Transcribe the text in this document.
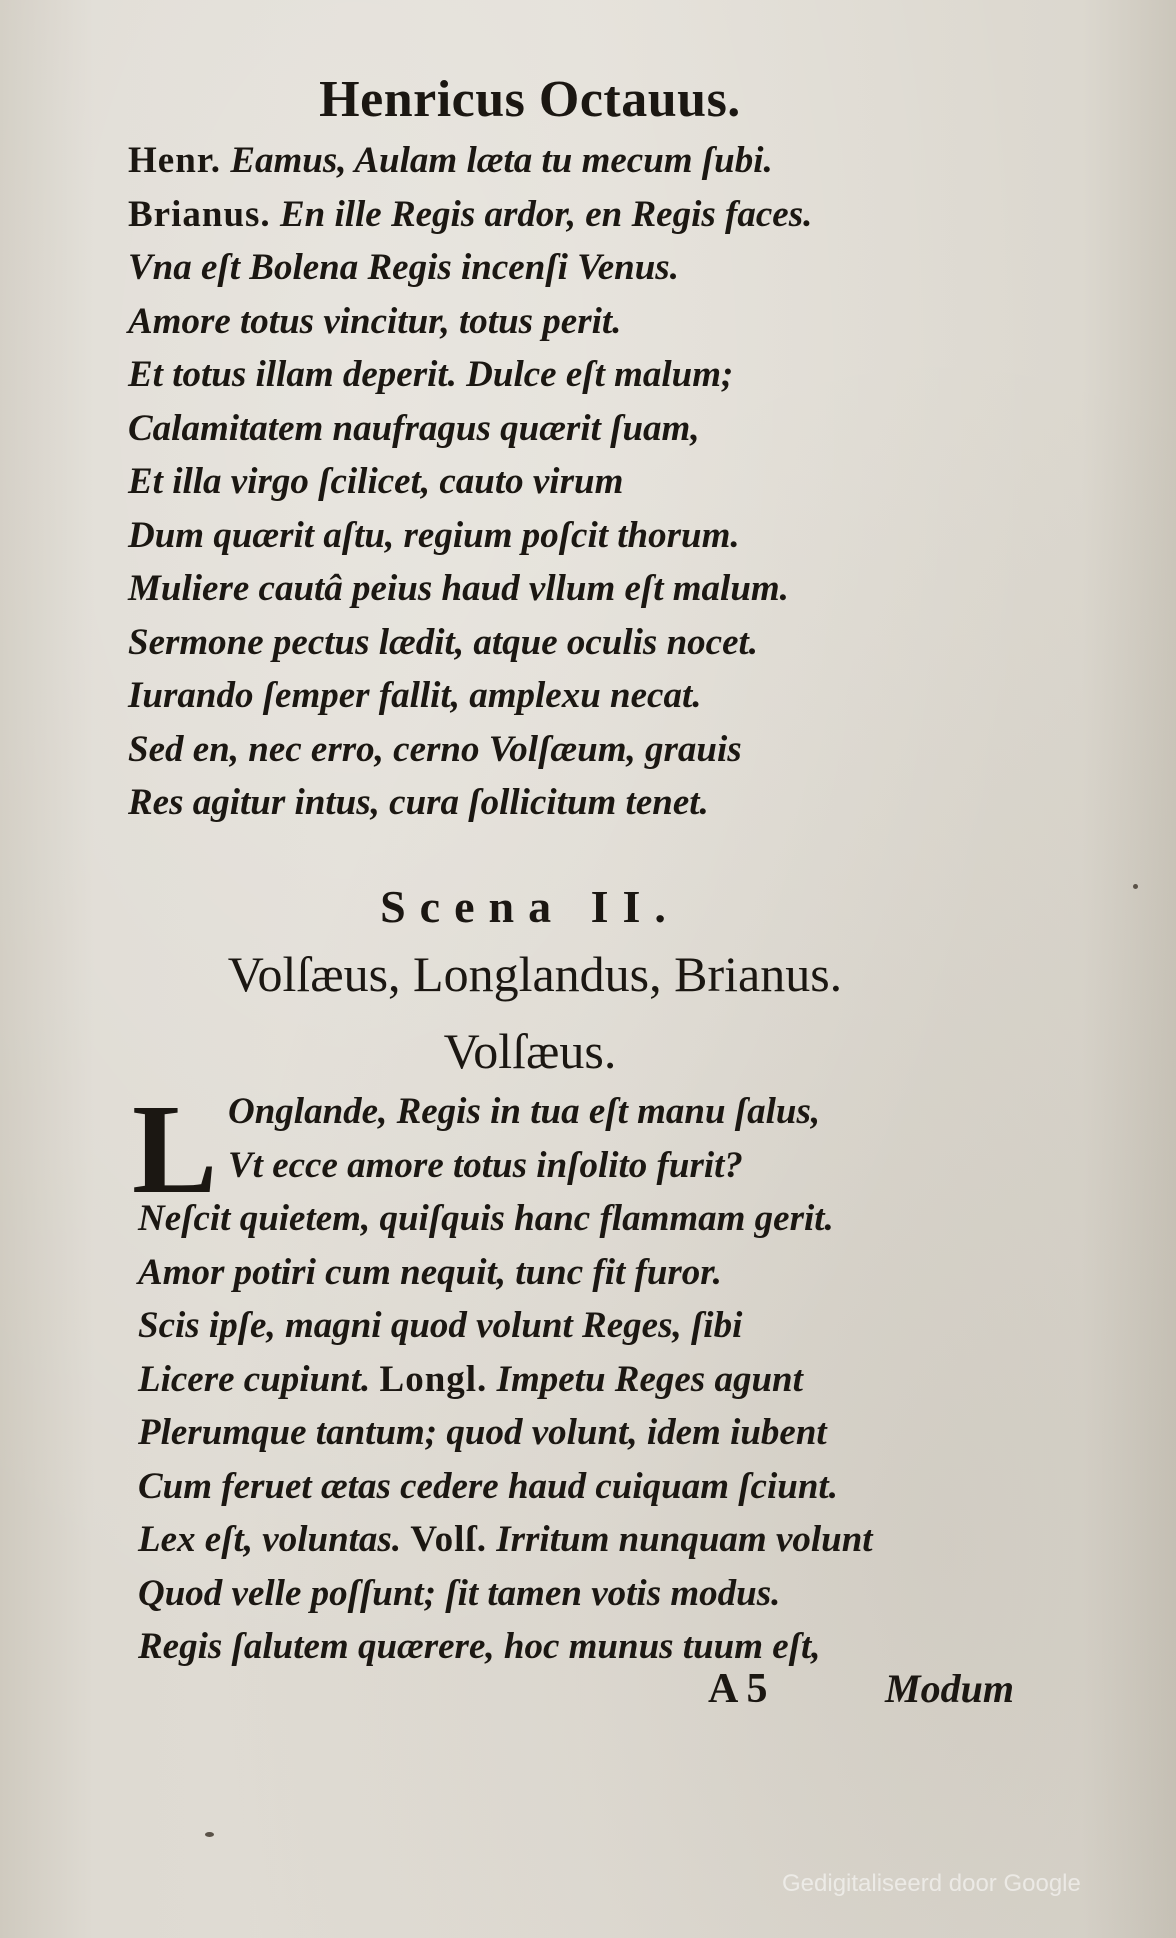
Henricus Octauus.
Henr. Eamus, Aulam læta tu mecum ſubi.
Brianus. En ille Regis ardor, en Regis faces.
Vna eſt Bolena Regis incenſi Venus.
Amore totus vincitur, totus perit.
Et totus illam deperit. Dulce eſt malum;
Calamitatem naufragus quærit ſuam,
Et illa virgo ſcilicet, cauto virum
Dum quærit aſtu, regium poſcit thorum.
Muliere cautâ peius haud vllum eſt malum.
Sermone pectus lædit, atque oculis nocet.
Iurando ſemper fallit, amplexu necat.
Sed en, nec erro, cerno Volſæum, grauis
Res agitur intus, cura ſollicitum tenet.
Scena II.
Volſæus, Longlandus, Brianus.
Volſæus.
L Onglande, Regis in tua eſt manu ſalus,
Vt ecce amore totus inſolito furit?
Neſcit quietem, quiſquis hanc flammam gerit.
Amor potiri cum nequit, tunc fit furor.
Scis ipſe, magni quod volunt Reges, ſibi
Licere cupiunt. Longl. Impetu Reges agunt
Plerumque tantum; quod volunt, idem iubent
Cum feruet ætas cedere haud cuiquam ſciunt.
Lex eſt, voluntas. Volſ. Irritum nunquam volunt
Quod velle poſſunt; ſit tamen votis modus.
Regis ſalutem quærere, hoc munus tuum eſt,
A 5	Modum
Gedigitaliseerd door Google
